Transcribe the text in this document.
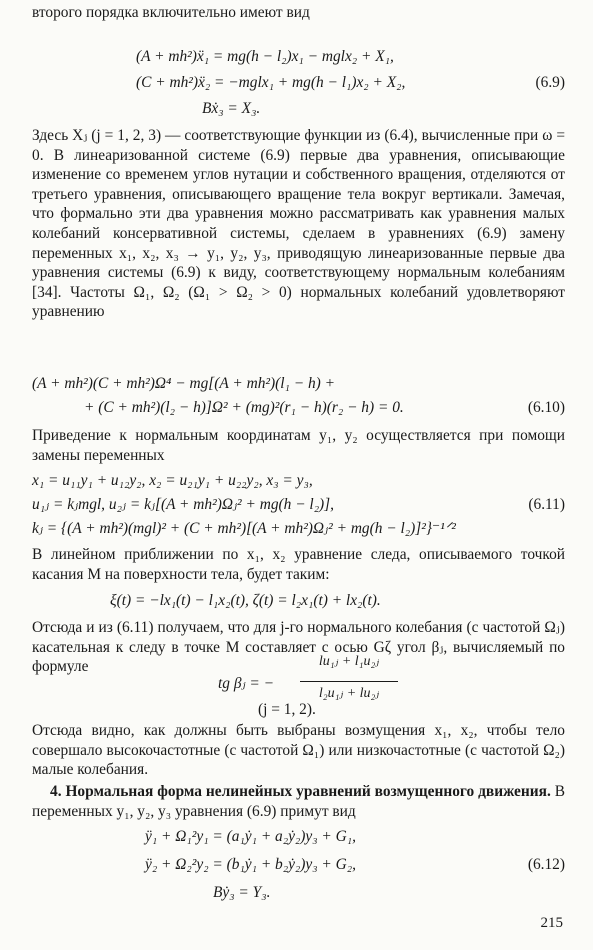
второго порядка включительно имеют вид
(A + mh²)ẍ₁ = mg(h − l₂)x₁ − mglx₂ + X₁,
(C + mh²)ẍ₂ = −mglx₁ + mg(h − l₁)x₂ + X₂,	(6.9)
Bẋ₃ = X₃.
Здесь Xⱼ (j = 1, 2, 3) — соответствующие функции из (6.4), вычисленные при ω = 0. В линеаризованной системе (6.9) первые два уравнения, описывающие изменение со временем углов нутации и собственного вращения, отделяются от третьего уравнения, описывающего вращение тела вокруг вертикали. Замечая, что формально эти два уравнения можно рассматривать как уравнения малых колебаний консервативной системы, сделаем в уравнениях (6.9) замену переменных x₁, x₂, x₃ → y₁, y₂, y₃, приводящую линеаризованные первые два уравнения системы (6.9) к виду, соответствующему нормальным колебаниям [34]. Частоты Ω₁, Ω₂ (Ω₁ > Ω₂ > 0) нормальных колебаний удовлетворяют уравнению
(A + mh²)(C + mh²)Ω⁴ − mg[(A + mh²)(l₁ − h) +
+ (C + mh²)(l₂ − h)]Ω² + (mg)²(r₁ − h)(r₂ − h) = 0.	(6.10)
Приведение к нормальным координатам y₁, y₂ осуществляется при помощи замены переменных
x₁ = u₁₁y₁ + u₁₂y₂, x₂ = u₂₁y₁ + u₂₂y₂, x₃ = y₃,
u₁ⱼ = kⱼmgl, u₂ⱼ = kⱼ[(A + mh²)Ωⱼ² + mg(h − l₂)],	(6.11)
kⱼ = {(A + mh²)(mgl)² + (C + mh²)[(A + mh²)Ωⱼ² + mg(h − l₂)]²}⁻¹ᐟ²
В линейном приближении по x₁, x₂ уравнение следа, описываемого точкой касания M на поверхности тела, будет таким:
ξ(t) = −lx₁(t) − l₁x₂(t), ζ(t) = l₂x₁(t) + lx₂(t).
Отсюда и из (6.11) получаем, что для j-го нормального колебания (с частотой Ωⱼ) касательная к следу в точке M составляет с осью Gζ угол βⱼ, вычисляемый по формуле
tg βⱼ = −
lu₁ⱼ + l₁u₂ⱼ
l₂u₁ⱼ + lu₂ⱼ
(j = 1, 2).
Отсюда видно, как должны быть выбраны возмущения x₁, x₂, чтобы тело совершало высокочастотные (с частотой Ω₁) или низкочастотные (с частотой Ω₂) малые колебания.
4. Нормальная форма нелинейных уравнений возмущенного движения. В переменных y₁, y₂, y₃ уравнения (6.9) примут вид
ÿ₁ + Ω₁²y₁ = (a₁ẏ₁ + a₂ẏ₂)y₃ + G₁,
ÿ₂ + Ω₂²y₂ = (b₁ẏ₁ + b₂ẏ₂)y₃ + G₂,	(6.12)
Bẏ₃ = Y₃.
215
